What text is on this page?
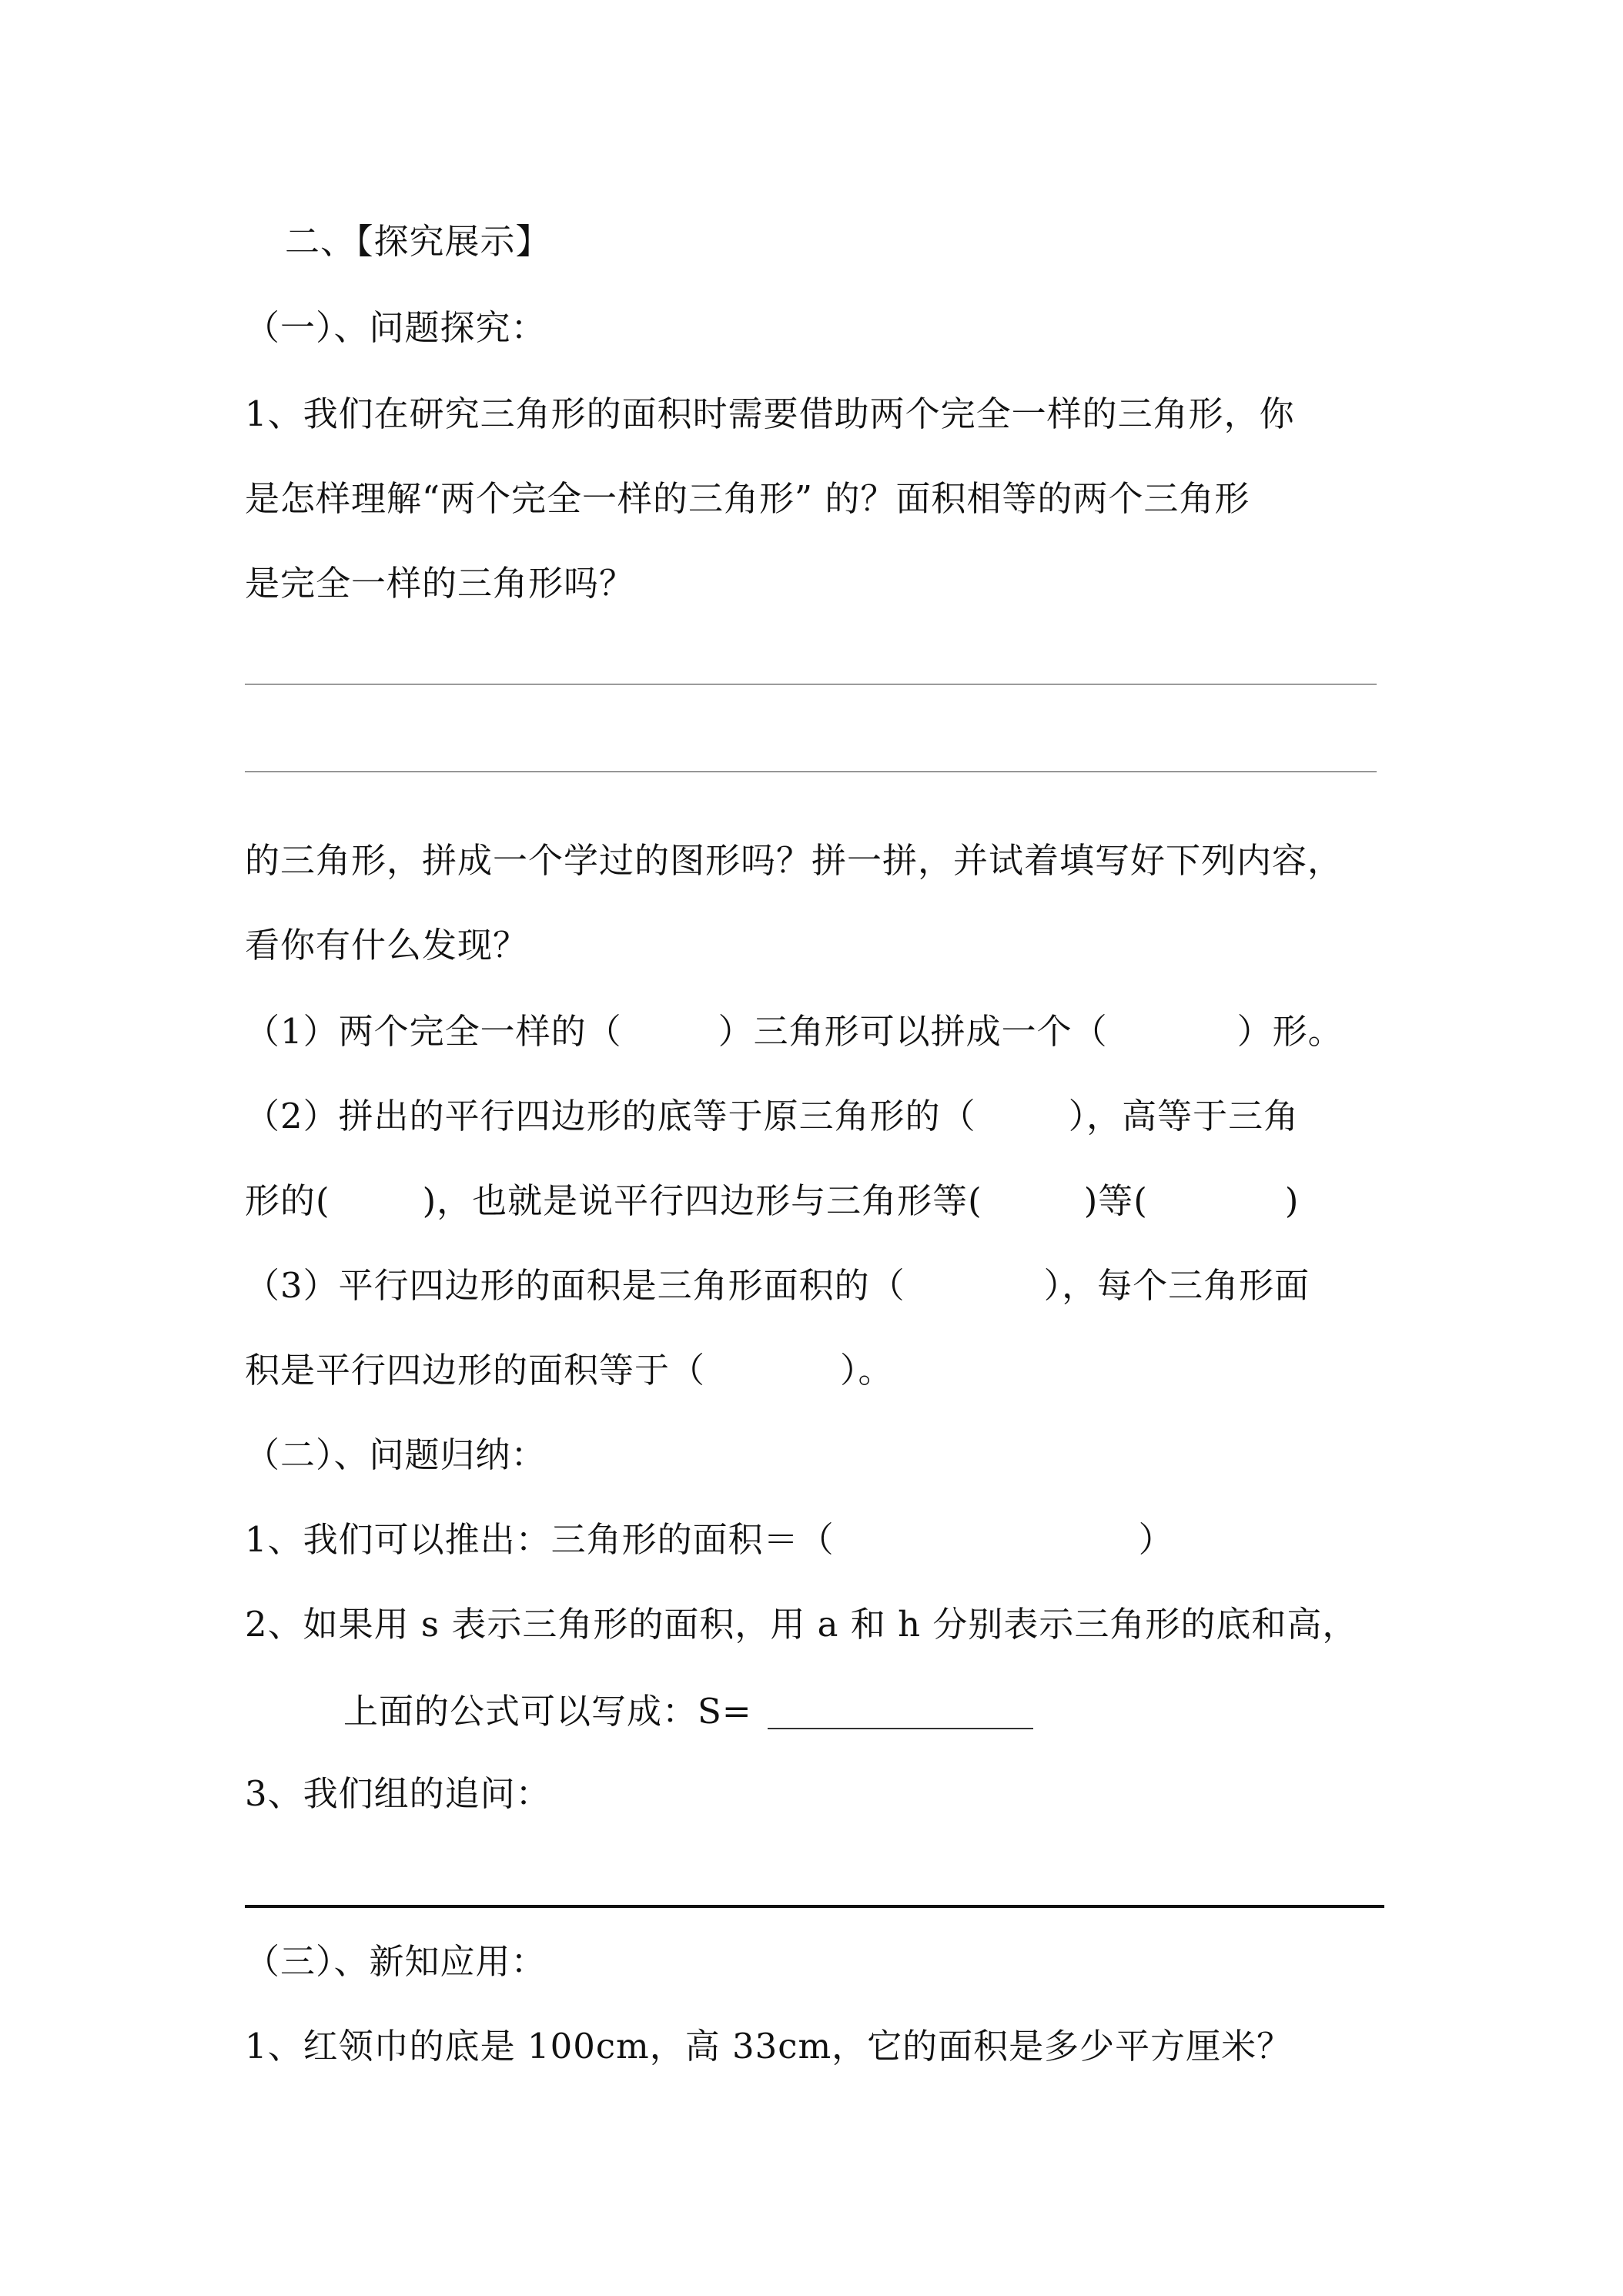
二、【探究展示】
（一）、问题探究：
1、我们在研究三角形的面积时需要借助两个完全一样的三角形，你
是怎样理解“两个完全一样的三角形” 的？面积相等的两个三角形
是完全一样的三角形吗？
的三角形，拼成一个学过的图形吗？拼一拼，并试着填写好下列内容，
看你有什么发现？
（1）两个完全一样的（	）三角形可以拼成一个（	）形。
（2）拼出的平行四边形的底等于原三角形的（	），高等于三角
形的(	)，也就是说平行四边形与三角形等(	)等(	)
（3）平行四边形的面积是三角形面积的（	），每个三角形面
积是平行四边形的面积等于（	）。
（二）、问题归纳：
1、我们可以推出：三角形的面积＝（	）
2、如果用 s 表示三角形的面积，用 a 和 h 分别表示三角形的底和高，
上面的公式可以写成：S=
3、我们组的追问：
（三）、新知应用：
1、红领巾的底是 100cm，高 33cm，它的面积是多少平方厘米？
